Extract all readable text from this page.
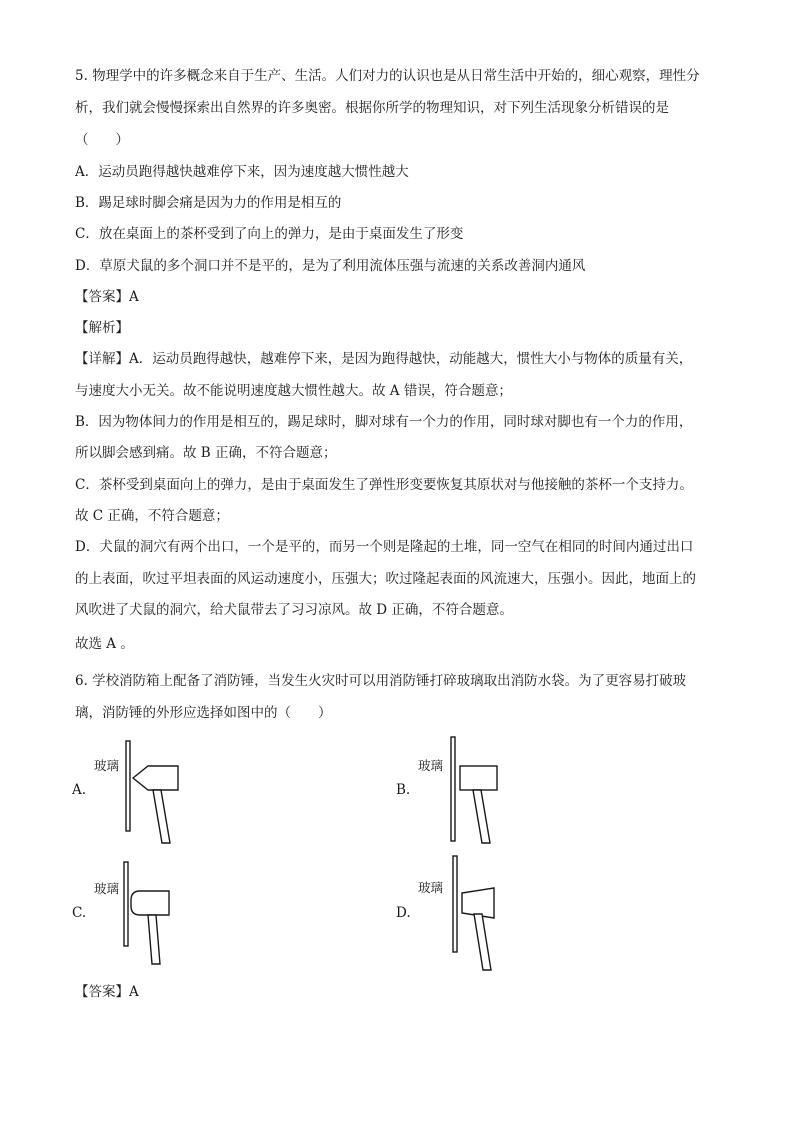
5. 物理学中的许多概念来自于生产、生活。人们对力的认识也是从日常生活中开始的，细心观察，理性分
析，我们就会慢慢探索出自然界的许多奥密。根据你所学的物理知识，对下列生活现象分析错误的是
（　　）
A．运动员跑得越快越难停下来，因为速度越大惯性越大
B．踢足球时脚会痛是因为力的作用是相互的
C．放在桌面上的茶杯受到了向上的弹力，是由于桌面发生了形变
D．草原犬鼠的多个洞口并不是平的，是为了利用流体压强与流速的关系改善洞内通风
【答案】A
【解析】
【详解】A．运动员跑得越快，越难停下来，是因为跑得越快，动能越大，惯性大小与物体的质量有关，
与速度大小无关。故不能说明速度越大惯性越大。故 A 错误，符合题意；
B．因为物体间力的作用是相互的，踢足球时，脚对球有一个力的作用，同时球对脚也有一个力的作用，
所以脚会感到痛。故 B 正确，不符合题意；
C．茶杯受到桌面向上的弹力，是由于桌面发生了弹性形变要恢复其原状对与他接触的茶杯一个支持力。
故 C 正确，不符合题意；
D．犬鼠的洞穴有两个出口，一个是平的，而另一个则是隆起的土堆，同一空气在相同的时间内通过出口
的上表面，吹过平坦表面的风运动速度小，压强大；吹过隆起表面的风流速大，压强小。因此，地面上的
风吹进了犬鼠的洞穴，给犬鼠带去了习习凉风。故 D 正确，不符合题意。
故选 A 。
6. 学校消防箱上配备了消防锤，当发生火灾时可以用消防锤打碎玻璃取出消防水袋。为了更容易打破玻
璃，消防锤的外形应选择如图中的（　　）
A.
玻璃
B.
玻璃
C.
玻璃
D.
玻璃
【答案】A
